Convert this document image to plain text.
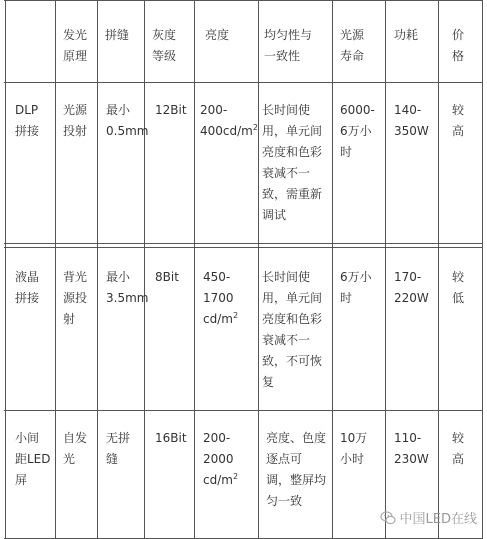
发光
原理
拼缝 灰度
等级
亮度	均匀性与
一致性
光源
寿命
功耗	价
格
DLP
拼接
光源
投射
最小
0.5mm
12Bit 200-
$400cd/m^2$
长时间使
用，单元间
亮度和色彩
衰减不一
致，需重新
调试
6000-
6万小
时
140-
350W
较
高
液晶
拼接
背光
源投
射
最小
3.5mm
8Bit 450-
1700
$cd/m^2$
长时间使
用，单元间
亮度和色彩
衰减不一
致，不可恢
复
6万小
时
170-
220W
较
低
小间
距LED
屏
自发
光
无拼
缝
16Bit 200-
2000
$cd/m^2$
亮度、色度
逐点可
调，整屏均
匀一致
10万
小时
110-
230W
较
高
中国LED在线
